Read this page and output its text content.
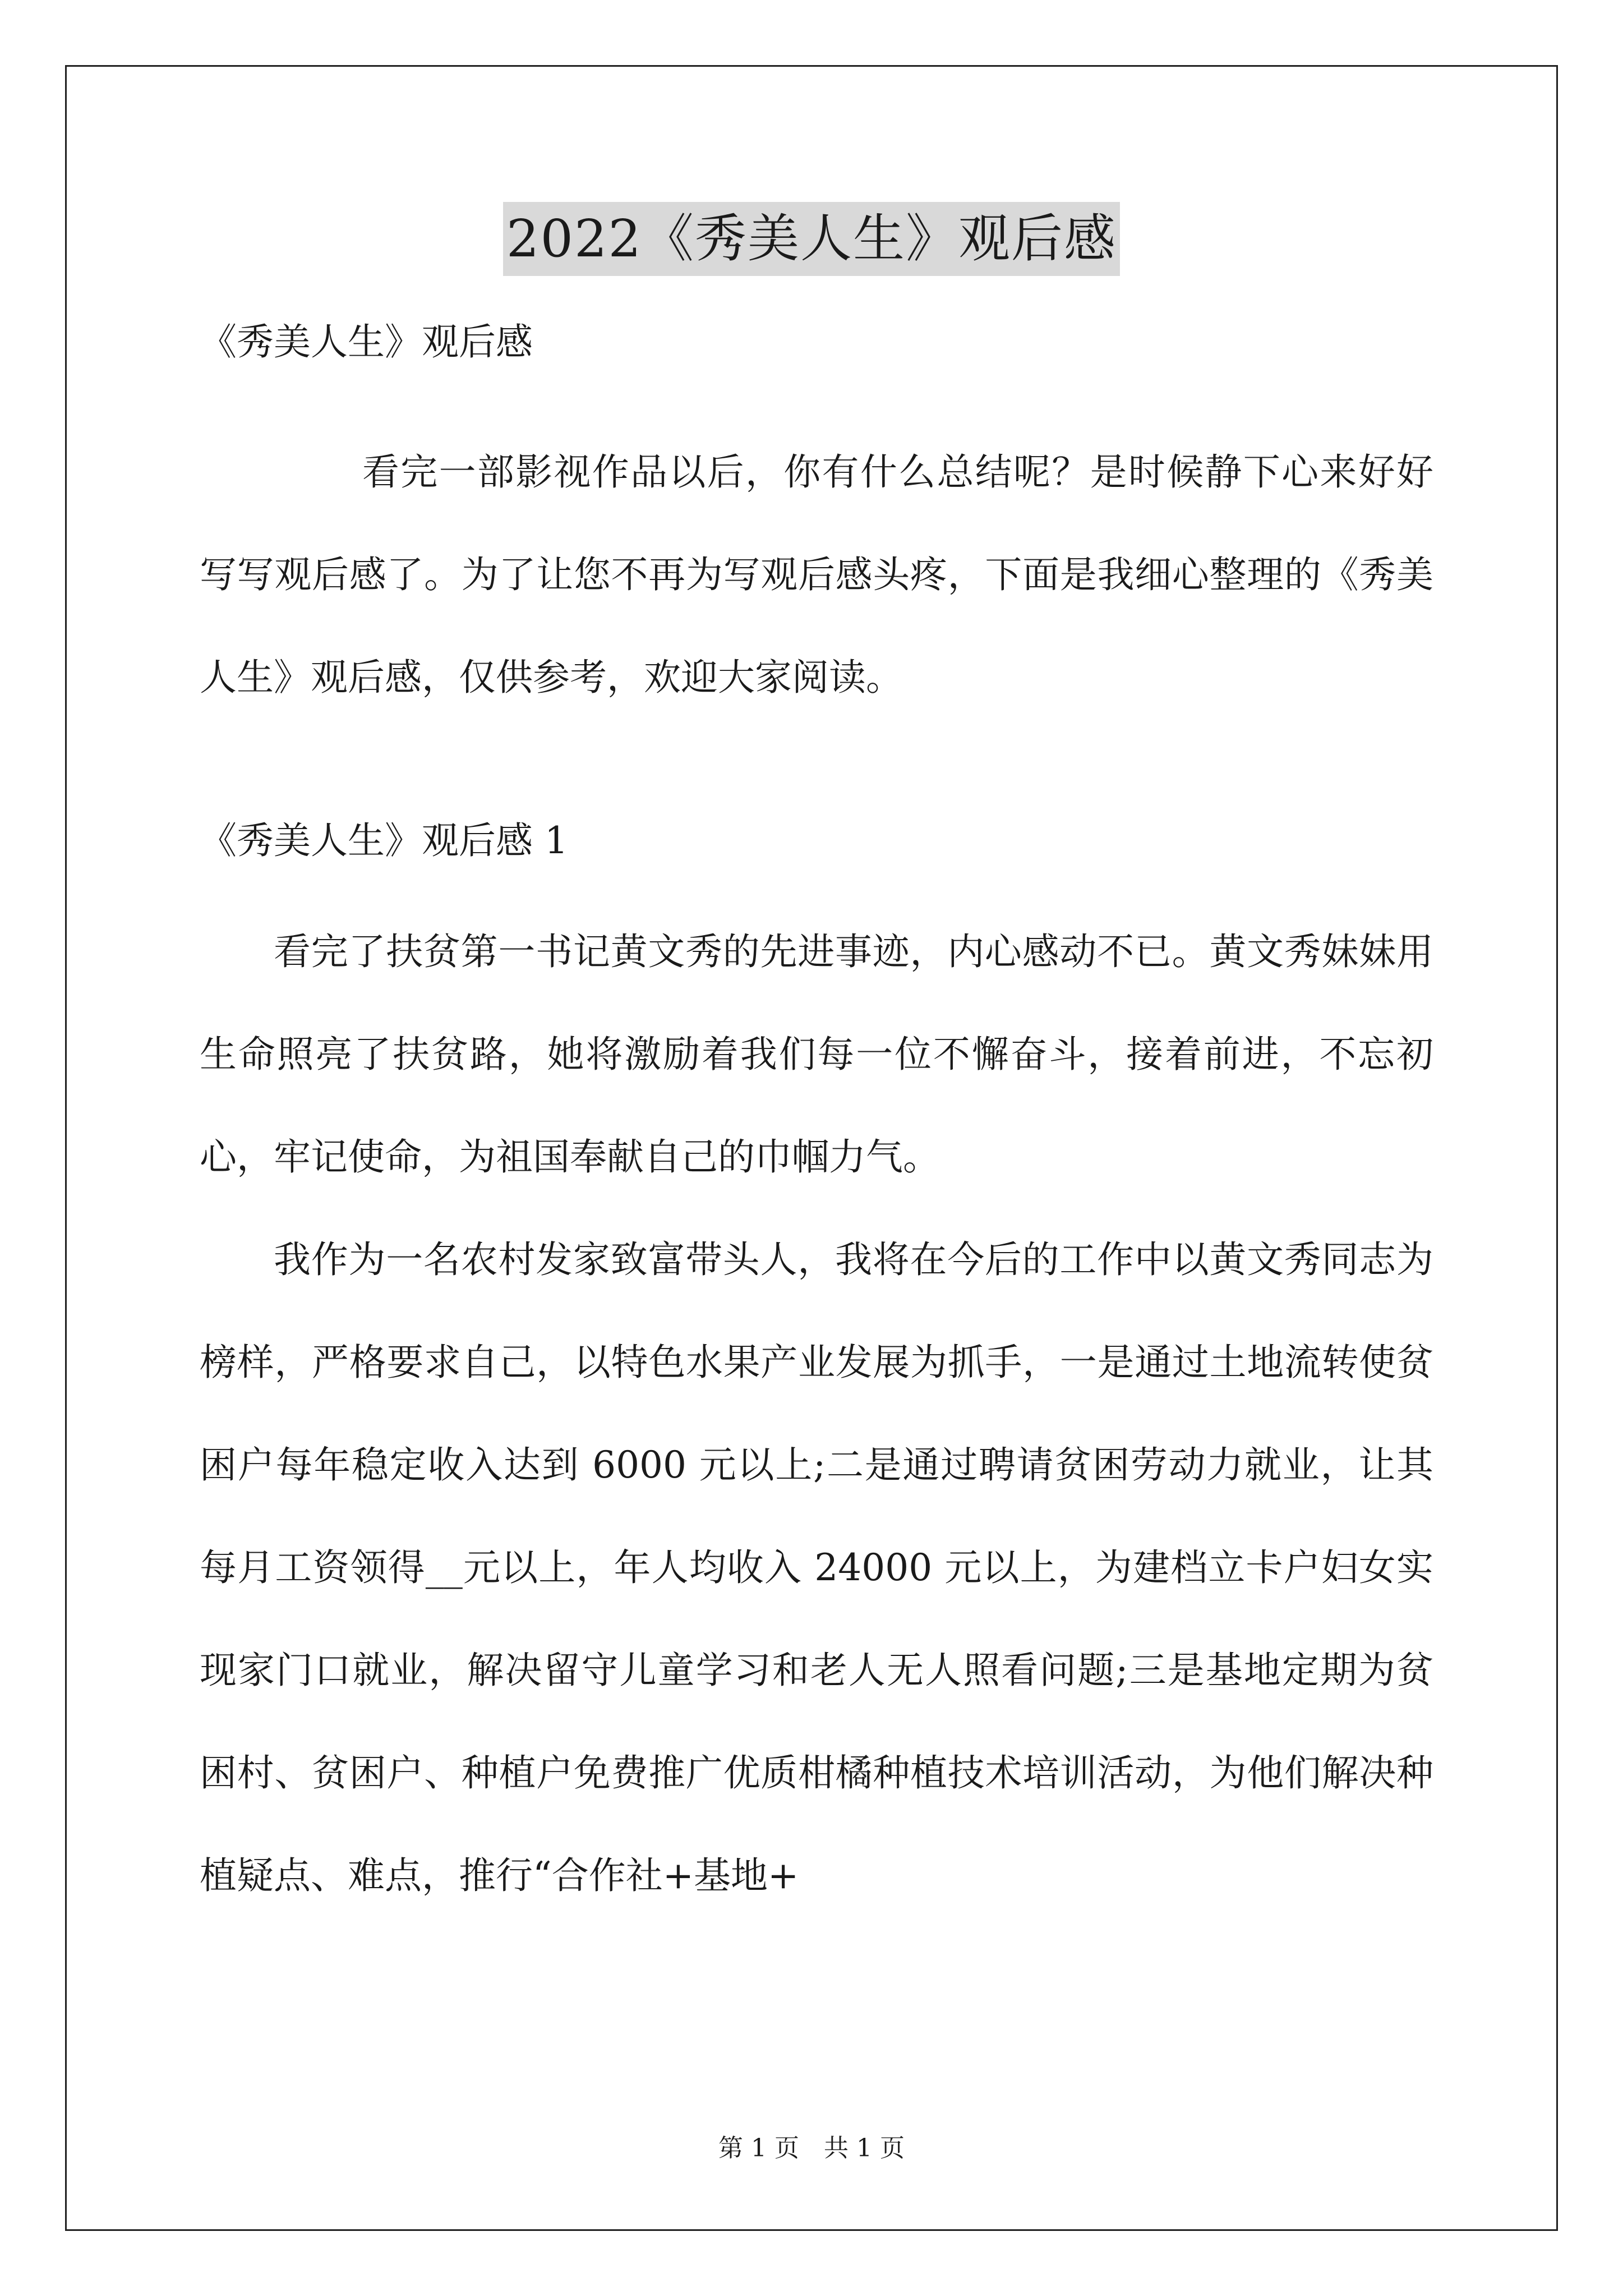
2022《秀美人生》观后感

《秀美人生》观后感

看完一部影视作品以后，你有什么总结呢？是时候静下心来好好写写观后感了。为了让您不再为写观后感头疼，下面是我细心整理的《秀美人生》观后感，仅供参考，欢迎大家阅读。

《秀美人生》观后感 1

看完了扶贫第一书记黄文秀的先进事迹，内心感动不已。黄文秀妹妹用生命照亮了扶贫路，她将激励着我们每一位不懈奋斗，接着前进，不忘初心，牢记使命，为祖国奉献自己的巾帼力气。

我作为一名农村发家致富带头人，我将在今后的工作中以黄文秀同志为榜样，严格要求自己，以特色水果产业发展为抓手，一是通过土地流转使贫困户每年稳定收入达到 6000 元以上;二是通过聘请贫困劳动力就业，让其每月工资领得__元以上，年人均收入 24000 元以上，为建档立卡户妇女实现家门口就业，解决留守儿童学习和老人无人照看问题;三是基地定期为贫困村、贫困户、种植户免费推广优质柑橘种植技术培训活动，为他们解决种植疑点、难点，推行“合作社+基地+

第 1 页　共 1 页
